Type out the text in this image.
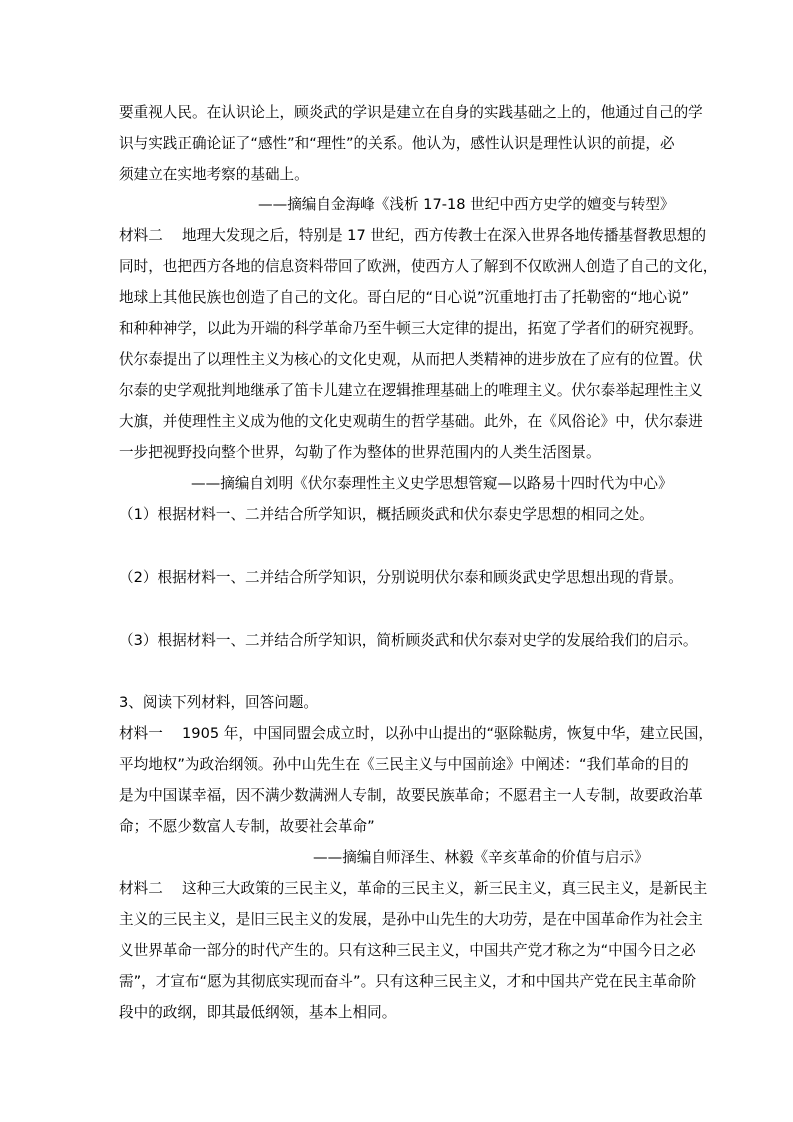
要重视人民。在认识论上，顾炎武的学识是建立在自身的实践基础之上的，他通过自己的学
识与实践正确论证了“感性”和“理性”的关系。他认为，感性认识是理性认识的前提，必
须建立在实地考察的基础上。
——摘编自金海峰《浅析 17-18 世纪中西方史学的嬗变与转型》
材料二　 地理大发现之后，特别是 17 世纪，西方传教士在深入世界各地传播基督教思想的
同时，也把西方各地的信息资料带回了欧洲，使西方人了解到不仅欧洲人创造了自己的文化，
地球上其他民族也创造了自己的文化。哥白尼的“日心说”沉重地打击了托勒密的“地心说”
和种种神学，以此为开端的科学革命乃至牛顿三大定律的提出，拓宽了学者们的研究视野。
伏尔泰提出了以理性主义为核心的文化史观，从而把人类精神的进步放在了应有的位置。伏
尔泰的史学观批判地继承了笛卡儿建立在逻辑推理基础上的唯理主义。伏尔泰举起理性主义
大旗，并使理性主义成为他的文化史观萌生的哲学基础。此外，在《风俗论》中，伏尔泰进
一步把视野投向整个世界，勾勒了作为整体的世界范围内的人类生活图景。
——摘编自刘明《伏尔泰理性主义史学思想管窥—以路易十四时代为中心》
（1）根据材料一、二并结合所学知识，概括顾炎武和伏尔泰史学思想的相同之处。
（2）根据材料一、二并结合所学知识，分别说明伏尔泰和顾炎武史学思想出现的背景。
（3）根据材料一、二并结合所学知识，简析顾炎武和伏尔泰对史学的发展给我们的启示。
3、阅读下列材料，回答问题。
材料一　 1905 年，中国同盟会成立时，以孙中山提出的“驱除鞑虏，恢复中华，建立民国，
平均地权”为政治纲领。孙中山先生在《三民主义与中国前途》中阐述：“我们革命的目的
是为中国谋幸福，因不满少数满洲人专制，故要民族革命；不愿君主一人专制，故要政治革
命；不愿少数富人专制，故要社会革命”
——摘编自师泽生、林毅《辛亥革命的价值与启示》
材料二　 这种三大政策的三民主义，革命的三民主义，新三民主义，真三民主义，是新民主
主义的三民主义，是旧三民主义的发展，是孙中山先生的大功劳，是在中国革命作为社会主
义世界革命一部分的时代产生的。只有这种三民主义，中国共产党才称之为“中国今日之必
需”，才宣布“愿为其彻底实现而奋斗”。只有这种三民主义，才和中国共产党在民主革命阶
段中的政纲，即其最低纲领，基本上相同。
